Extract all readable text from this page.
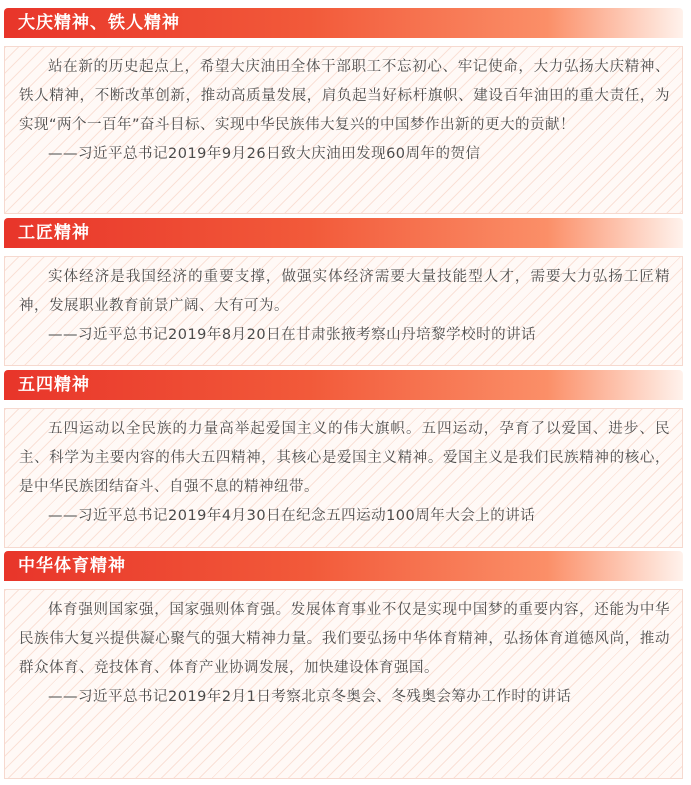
大庆精神、铁人精神

站在新的历史起点上，希望大庆油田全体干部职工不忘初心、牢记使命，大力弘扬大庆精神、铁人精神，不断改革创新，推动高质量发展，肩负起当好标杆旗帜、建设百年油田的重大责任，为实现“两个一百年”奋斗目标、实现中华民族伟大复兴的中国梦作出新的更大的贡献！

——习近平总书记2019年9月26日致大庆油田发现60周年的贺信

工匠精神

实体经济是我国经济的重要支撑，做强实体经济需要大量技能型人才，需要大力弘扬工匠精神，发展职业教育前景广阔、大有可为。

——习近平总书记2019年8月20日在甘肃张掖考察山丹培黎学校时的讲话

五四精神

五四运动以全民族的力量高举起爱国主义的伟大旗帜。五四运动，孕育了以爱国、进步、民主、科学为主要内容的伟大五四精神，其核心是爱国主义精神。爱国主义是我们民族精神的核心，是中华民族团结奋斗、自强不息的精神纽带。

——习近平总书记2019年4月30日在纪念五四运动100周年大会上的讲话

中华体育精神

体育强则国家强，国家强则体育强。发展体育事业不仅是实现中国梦的重要内容，还能为中华民族伟大复兴提供凝心聚气的强大精神力量。我们要弘扬中华体育精神，弘扬体育道德风尚，推动群众体育、竞技体育、体育产业协调发展，加快建设体育强国。

——习近平总书记2019年2月1日考察北京冬奥会、冬残奥会筹办工作时的讲话
